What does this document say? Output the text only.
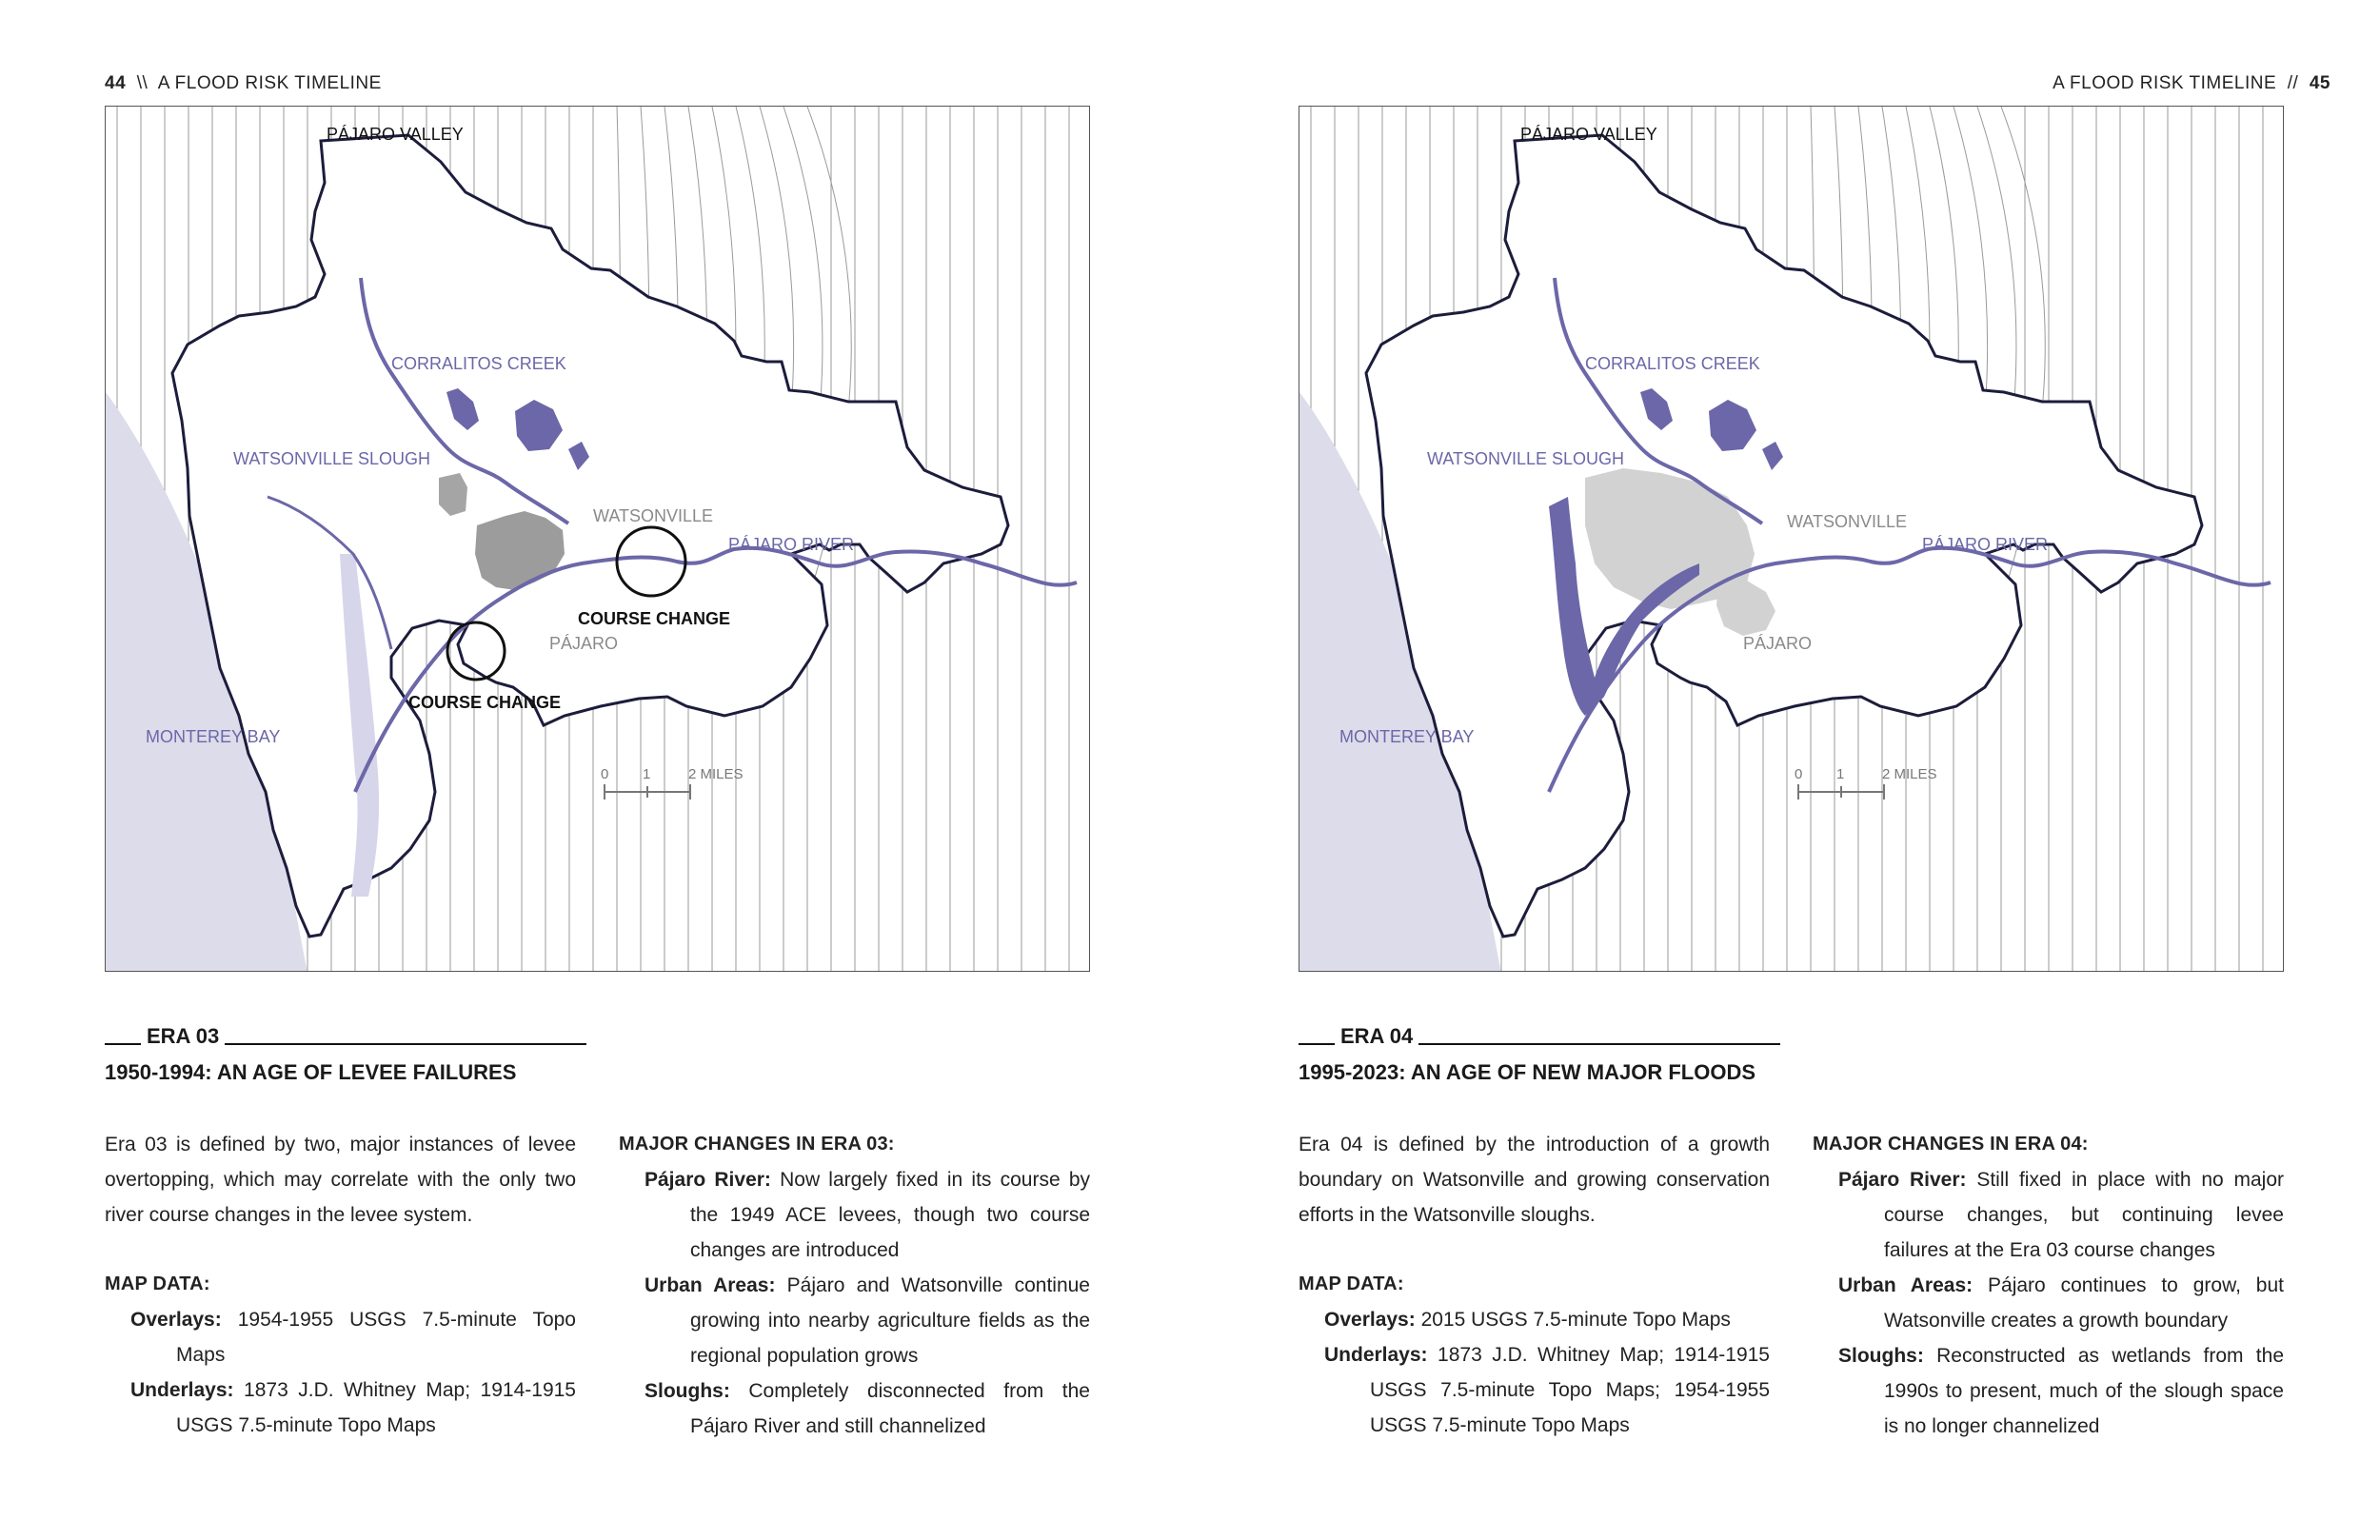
44 \\ A FLOOD RISK TIMELINE
0 1	2 MILES
PÁJARO VALLEY
CORRALITOS CREEK
WATSONVILLE SLOUGH
WATSONVILLE
PÁJARO RIVER
PÁJARO
MONTEREY BAY
COURSE CHANGE
COURSE CHANGE
ERA 03
1950-1994: AN AGE OF LEVEE FAILURES

Era 03 is defined by two, major instances of levee overtopping, which may correlate with the only two river course changes in the levee system.

MAP DATA:

Overlays: 1954-1955 USGS 7.5-minute Topo Maps

Underlays: 1873 J.D. Whitney Map; 1914-1915 USGS 7.5-minute Topo Maps

MAJOR CHANGES IN ERA 03:

Pájaro River: Now largely fixed in its course by the 1949 ACE levees, though two course changes are introduced

Urban Areas: Pájaro and Watsonville continue growing into nearby agriculture fields as the regional population grows

Sloughs: Completely disconnected from the Pájaro River and still channelized

A FLOOD RISK TIMELINE // 45
0 1	2 MILES
PÁJARO VALLEY
CORRALITOS CREEK
WATSONVILLE SLOUGH
WATSONVILLE
PÁJARO RIVER
PÁJARO
MONTEREY BAY
ERA 04
1995-2023: AN AGE OF NEW MAJOR FLOODS

Era 04 is defined by the introduction of a growth boundary on Watsonville and growing conservation efforts in the Watsonville sloughs.

MAP DATA:

Overlays: 2015 USGS 7.5-minute Topo Maps

Underlays: 1873 J.D. Whitney Map; 1914-1915 USGS 7.5-minute Topo Maps; 1954-1955 USGS 7.5-minute Topo Maps

MAJOR CHANGES IN ERA 04:

Pájaro River: Still fixed in place with no major course changes, but continuing levee failures at the Era 03 course changes

Urban Areas: Pájaro continues to grow, but Watsonville creates a growth boundary

Sloughs: Reconstructed as wetlands from the 1990s to present, much of the slough space is no longer channelized
